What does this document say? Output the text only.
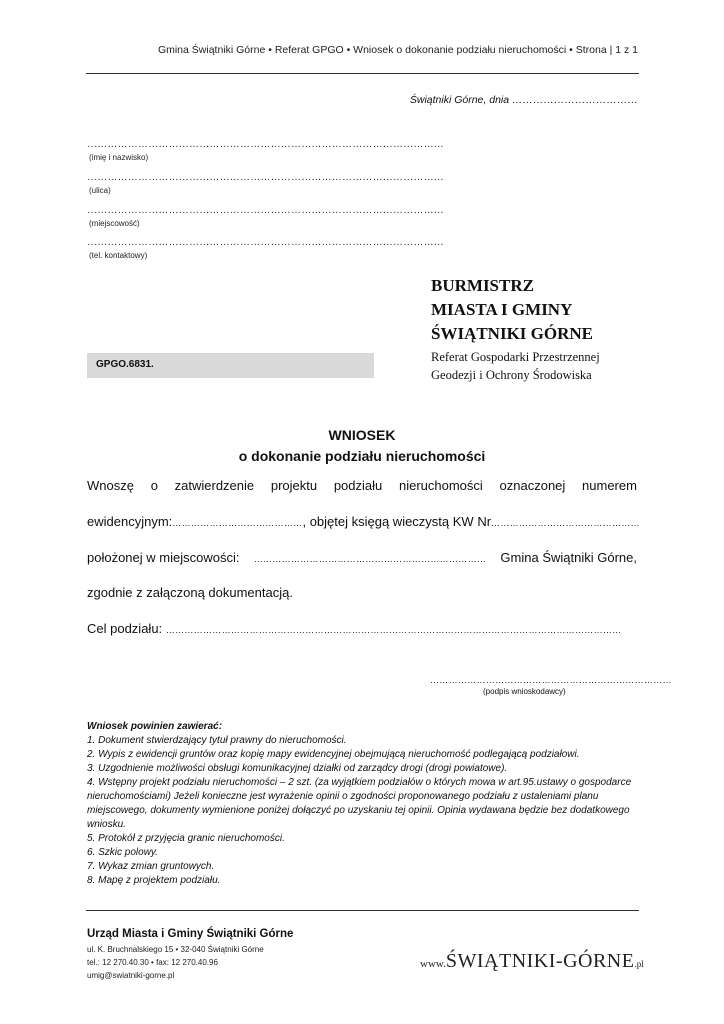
Gmina Świątniki Górne • Referat GPGO • Wniosek o dokonanie podziału nieruchomości • Strona | 1 z 1
Świątniki Górne, dnia ………………………………
……………………………………………………………………………………………
(imię i nazwisko)
……………………………………………………………………………………………
(ulica)
……………………………………………………………………………………………
(miejscowość)
……………………………………………………………………………………………
(tel. kontaktowy)
GPGO.6831.
BURMISTRZ
MIASTA I GMINY
ŚWIĄTNIKI GÓRNE
Referat Gospodarki Przestrzennej
Geodezji i Ochrony Środowiska
WNIOSEK
o dokonanie podziału nieruchomości
Wnoszę o zatwierdzenie projektu podziału nieruchomości oznaczonej numerem
ewidencyjnym: ……………………………………, objętej księgą wieczystą KW Nr …………………………………………
położonej w miejscowości: ………………………………………………………………… Gmina Świątniki Górne,
zgodnie z załączoną dokumentacją.
Cel podziału: …………………………………………………………………………………………………………………………………
……………………………………………………………………
(podpis wnioskodawcy)
Wniosek powinien zawierać:
1. Dokument stwierdzający tytuł prawny do nieruchomości.
2. Wypis z ewidencji gruntów oraz kopię mapy ewidencyjnej obejmującą nieruchomość podlegającą podziałowi.
3. Uzgodnienie możliwości obsługi komunikacyjnej działki od zarządcy drogi (drogi powiatowe).
4. Wstępny projekt podziału nieruchomości – 2 szt. (za wyjątkiem podziałów o których mowa w art.95.ustawy o gospodarce nieruchomościami) Jeżeli konieczne jest wyrażenie opinii o zgodności proponowanego podziału z ustaleniami planu miejscowego, dokumenty wymienione poniżej dołączyć po uzyskaniu tej opinii. Opinia wydawana będzie bez dodatkowego wniosku.
5. Protokół z przyjęcia granic nieruchomości.
6. Szkic polowy.
7. Wykaz zmian gruntowych.
8. Mapę z projektem podziału.
Urząd Miasta i Gminy Świątniki Górne
ul. K. Bruchnalskiego 15 • 32-040 Świątniki Górne
tel.: 12 270.40.30 • fax: 12 270.40.96
umig@swiatniki-gorne.pl
www.ŚWIĄTNIKI-GÓRNE.pl
